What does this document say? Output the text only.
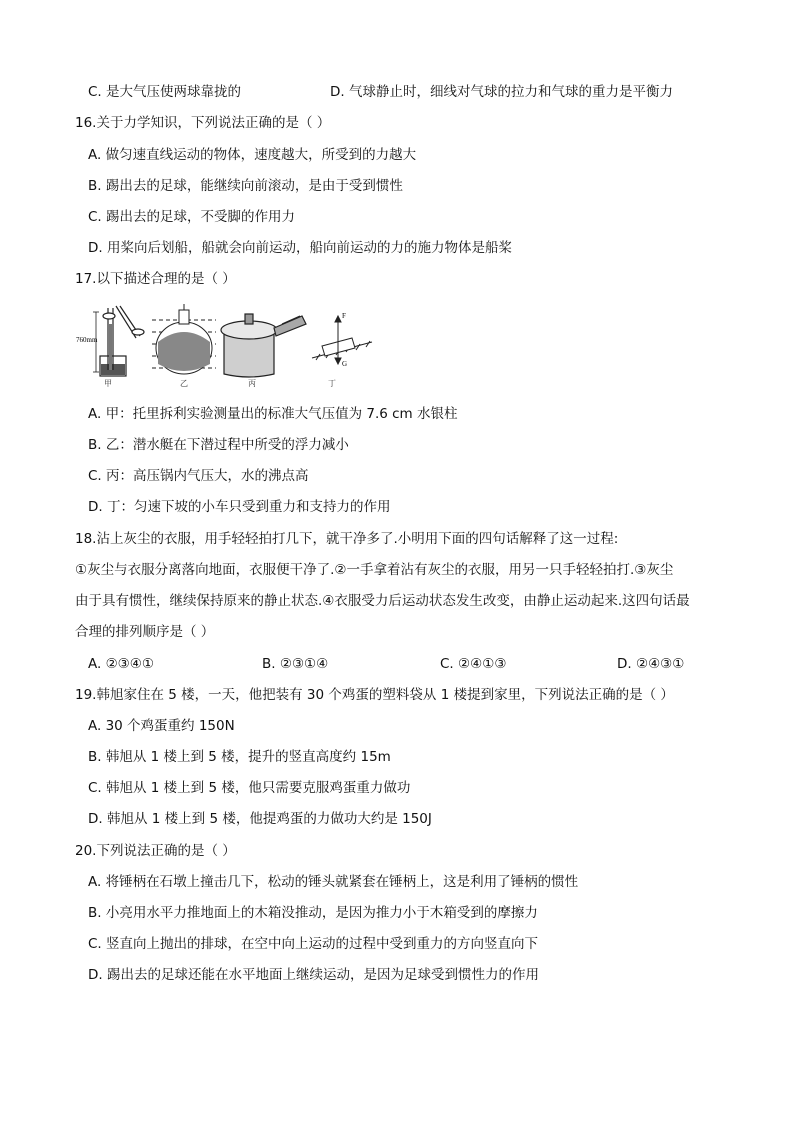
C. 是大气压使两球靠拢的	D. 气球静止时，细线对气球的拉力和气球的重力是平衡力
16.关于力学知识，下列说法正确的是（ ）
A. 做匀速直线运动的物体，速度越大，所受到的力越大
B. 踢出去的足球，能继续向前滚动，是由于受到惯性
C. 踢出去的足球，不受脚的作用力
D. 用桨向后划船，船就会向前运动，船向前运动的力的施力物体是船桨
17.以下描述合理的是（ ）
760mm
F
G
甲	乙	丙	丁
A. 甲：托里拆利实验测量出的标准大气压值为 7.6 cm 水银柱
B. 乙：潜水艇在下潜过程中所受的浮力减小
C. 丙：高压锅内气压大，水的沸点高
D. 丁：匀速下坡的小车只受到重力和支持力的作用
18.沾上灰尘的衣服，用手轻轻拍打几下，就干净多了.小明用下面的四句话解释了这一过程:
①灰尘与衣服分离落向地面，衣服便干净了.②一手拿着沾有灰尘的衣服，用另一只手轻轻拍打.③灰尘
由于具有惯性，继续保持原来的静止状态.④衣服受力后运动状态发生改变，由静止运动起来.这四句话最
合理的排列顺序是（ ）
A. ②③④①	B. ②③①④	C. ②④①③	D. ②④③①
19.韩旭家住在 5 楼，一天，他把装有 30 个鸡蛋的塑料袋从 1 楼提到家里，下列说法正确的是（ ）
A. 30 个鸡蛋重约 150N
B. 韩旭从 1 楼上到 5 楼，提升的竖直高度约 15m
C. 韩旭从 1 楼上到 5 楼，他只需要克服鸡蛋重力做功
D. 韩旭从 1 楼上到 5 楼，他提鸡蛋的力做功大约是 150J
20.下列说法正确的是（ ）
A. 将锤柄在石墩上撞击几下，松动的锤头就紧套在锤柄上，这是利用了锤柄的惯性
B. 小亮用水平力推地面上的木箱没推动，是因为推力小于木箱受到的摩擦力
C. 竖直向上抛出的排球，在空中向上运动的过程中受到重力的方向竖直向下
D. 踢出去的足球还能在水平地面上继续运动，是因为足球受到惯性力的作用
